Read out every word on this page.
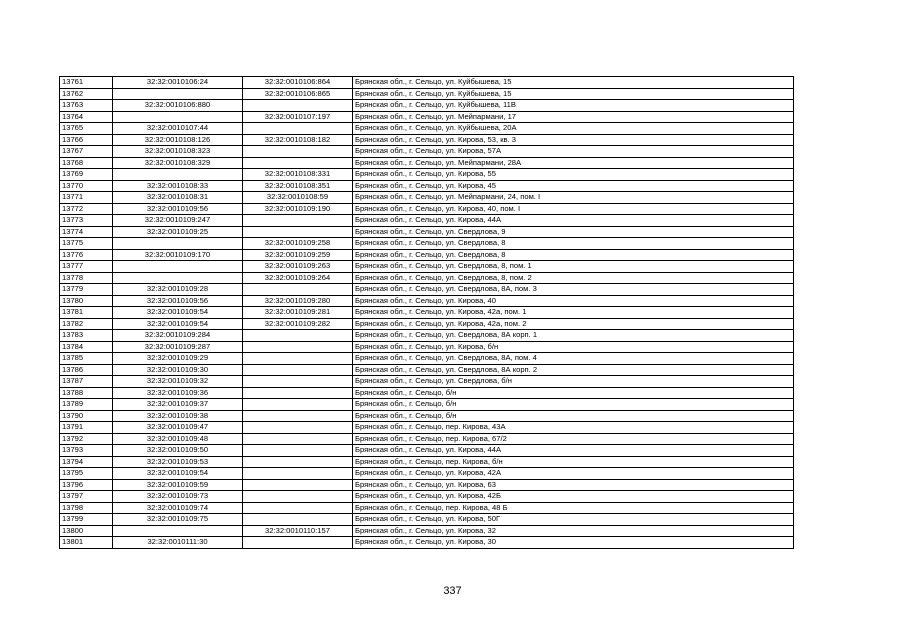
13761	32:32:0010106:24	32:32:0010106:864	Брянская обл., г. Сельцо, ул. Куйбышева, 15
13762		32:32:0010106:865	Брянская обл., г. Сельцо, ул. Куйбышева, 15
13763	32:32:0010106:880		Брянская обл., г. Сельцо, ул. Куйбышева, 11В
13764		32:32:0010107:197	Брянская обл., г. Сельцо, ул. Мейпармани, 17
13765	32:32:0010107:44		Брянская обл., г. Сельцо, ул. Куйбышева, 20А
13766	32:32:0010108:126	32:32:0010108:182	Брянская обл., г. Сельцо, ул. Кирова, 53, кв. 3
13767	32:32:0010108:323		Брянская обл., г. Сельцо, ул. Кирова, 57А
13768	32:32:0010108:329		Брянская обл., г. Сельцо, ул. Мейпармани, 28А
13769		32:32:0010108:331	Брянская обл., г. Сельцо, ул. Кирова, 55
13770	32:32:0010108:33	32:32:0010108:351	Брянская обл., г. Сельцо, ул. Кирова, 45
13771	32:32:0010108:31	32:32:0010108:59	Брянская обл., г. Сельцо, ул. Мейпармани, 24, пом. I
13772	32:32:0010109:56	32:32:0010109:190	Брянская обл., г. Сельцо, ул. Кирова, 40, пом. I
13773	32:32:0010109:247		Брянская обл., г. Сельцо, ул. Кирова, 44А
13774	32:32:0010109:25		Брянская обл., г. Сельцо, ул. Свердлова, 9
13775		32:32:0010109:258	Брянская обл., г. Сельцо, ул. Свердлова, 8
13776	32:32:0010109:170	32:32:0010109:259	Брянская обл., г. Сельцо, ул. Свердлова, 8
13777		32:32:0010109:263	Брянская обл., г. Сельцо, ул. Свердлова, 8, пом. 1
13778		32:32:0010109:264	Брянская обл., г. Сельцо, ул. Свердлова, 8, пом. 2
13779	32:32:0010109:28		Брянская обл., г. Сельцо, ул. Свердлова, 8А, пом. 3
13780	32:32:0010109:56	32:32:0010109:280	Брянская обл., г. Сельцо, ул. Кирова, 40
13781	32:32:0010109:54	32:32:0010109:281	Брянская обл., г. Сельцо, ул. Кирова, 42а, пом. 1
13782	32:32:0010109:54	32:32:0010109:282	Брянская обл., г. Сельцо, ул. Кирова, 42а, пом. 2
13783	32:32:0010109:284		Брянская обл., г. Сельцо, ул. Свердлова, 8А корп. 1
13784	32:32:0010109:287		Брянская обл., г. Сельцо, ул. Кирова, б/н
13785	32:32:0010109:29		Брянская обл., г. Сельцо, ул. Свердлова, 8А, пом. 4
13786	32:32:0010109:30		Брянская обл., г. Сельцо, ул. Свердлова, 8А корп. 2
13787	32:32:0010109:32		Брянская обл., г. Сельцо, ул. Свердлова, б/н
13788	32:32:0010109:36		Брянская обл., г. Сельцо, б/н
13789	32:32:0010109:37		Брянская обл., г. Сельцо, б/н
13790	32:32:0010109:38		Брянская обл., г. Сельцо, б/н
13791	32:32:0010109:47		Брянская обл., г. Сельцо, пер. Кирова, 43А
13792	32:32:0010109:48		Брянская обл., г. Сельцо, пер. Кирова, 67/2
13793	32:32:0010109:50		Брянская обл., г. Сельцо, ул. Кирова, 44А
13794	32:32:0010109:53		Брянская обл., г. Сельцо, пер. Кирова, б/н
13795	32:32:0010109:54		Брянская обл., г. Сельцо, ул. Кирова, 42А
13796	32:32:0010109:59		Брянская обл., г. Сельцо, ул. Кирова, 63
13797	32:32:0010109:73		Брянская обл., г. Сельцо, ул. Кирова, 42Б
13798	32:32:0010109:74		Брянская обл., г. Сельцо, пер. Кирова, 48 Б
13799	32:32:0010109:75		Брянская обл., г. Сельцо, ул. Кирова, 50Г
13800		32:32:0010110:157	Брянская обл., г. Сельцо, ул. Кирова, 32
13801	32:32:0010111:30		Брянская обл., г. Сельцо, ул. Кирова, 30
337
